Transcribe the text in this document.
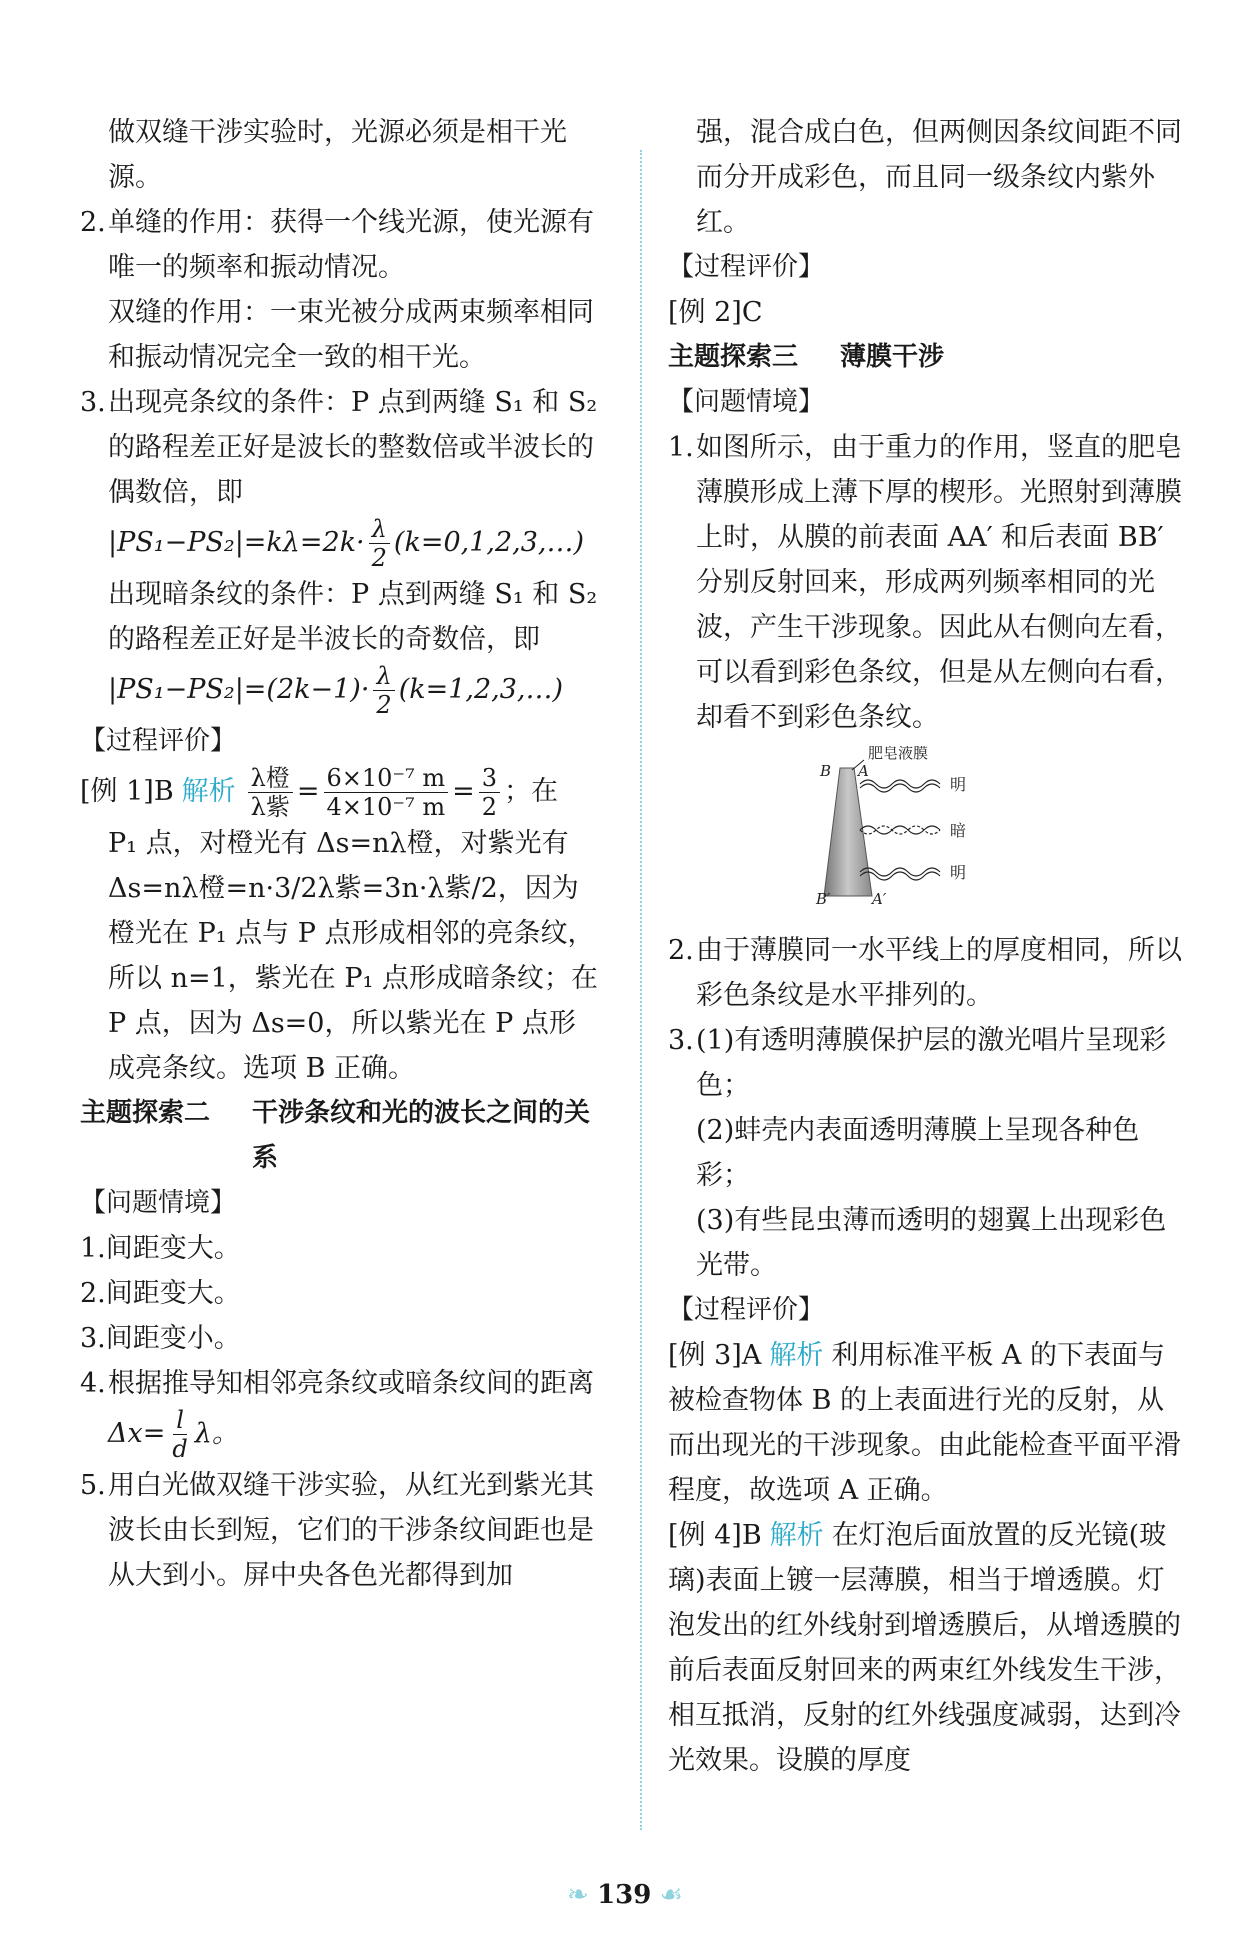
做双缝干涉实验时，光源必须是相干光源。

2. 单缝的作用：获得一个线光源，使光源有唯一的频率和振动情况。

双缝的作用：一束光被分成两束频率相同和振动情况完全一致的相干光。

3. 出现亮条纹的条件：P 点到两缝 S₁ 和 S₂ 的路程差正好是波长的整数倍或半波长的偶数倍，即

$|PS_1-PS_2|=k\lambda=2k\cdot \frac{\lambda}{2}$ (k=0,1,2,3,…)

出现暗条纹的条件：P 点到两缝 S₁ 和 S₂ 的路程差正好是半波长的奇数倍，即

$|PS_1-PS_2|=(2k-1)\cdot \frac{\lambda}{2}$ (k=1,2,3,…)

【过程评价】

[例 1]B 解析 $\frac{\text{λ橙}}{\text{λ紫}} = \frac{\text{6×10⁻⁷ m}}{\text{4×10⁻⁷ m}} = \frac{3}{2}$ ；在

P₁ 点，对橙光有 Δs=nλ橙，对紫光有 Δs=nλ橙=n·3/2λ紫=3n·λ紫/2，因为橙光在 P₁ 点与 P 点形成相邻的亮条纹，所以 n=1，紫光在 P₁ 点形成暗条纹；在 P 点，因为 Δs=0，所以紫光在 P 点形成亮条纹。选项 B 正确。

主题探索二	干涉条纹和光的波长之间的关系

【问题情境】

1.间距变大。

2.间距变大。

3.间距变小。

4. 根据推导知相邻亮条纹或暗条纹间的距离$\Delta x= \frac{l}{d}$ λ。
5. 用白光做双缝干涉实验，从红光到紫光其波长由长到短，它们的干涉条纹间距也是从大到小。屏中央各色光都得到加

强，混合成白色，但两侧因条纹间距不同而分开成彩色，而且同一级条纹内紫外红。

【过程评价】

[例 2]C

主题探索三	薄膜干涉

【问题情境】

1. 如图所示，由于重力的作用，竖直的肥皂薄膜形成上薄下厚的楔形。光照射到薄膜上时，从膜的前表面 AA′ 和后表面 BB′ 分别反射回来，形成两列频率相同的光波，产生干涉现象。因此从右侧向左看，可以看到彩色条纹，但是从左侧向右看，却看不到彩色条纹。
肥皂液膜
B A
B′	A′
明
暗
明
2. 由于薄膜同一水平线上的厚度相同，所以彩色条纹是水平排列的。
3. (1)有透明薄膜保护层的激光唱片呈现彩色；

(2)蚌壳内表面透明薄膜上呈现各种色彩；

(3)有些昆虫薄而透明的翅翼上出现彩色光带。

【过程评价】

[例 3]A 解析 利用标准平板 A 的下表面与被检查物体 B 的上表面进行光的反射，从而出现光的干涉现象。由此能检查平面平滑程度，故选项 A 正确。

[例 4]B 解析 在灯泡后面放置的反光镜(玻璃)表面上镀一层薄膜，相当于增透膜。灯泡发出的红外线射到增透膜后，从增透膜的前后表面反射回来的两束红外线发生干涉，相互抵消，反射的红外线强度减弱，达到冷光效果。设膜的厚度

❧ 139 ☙
